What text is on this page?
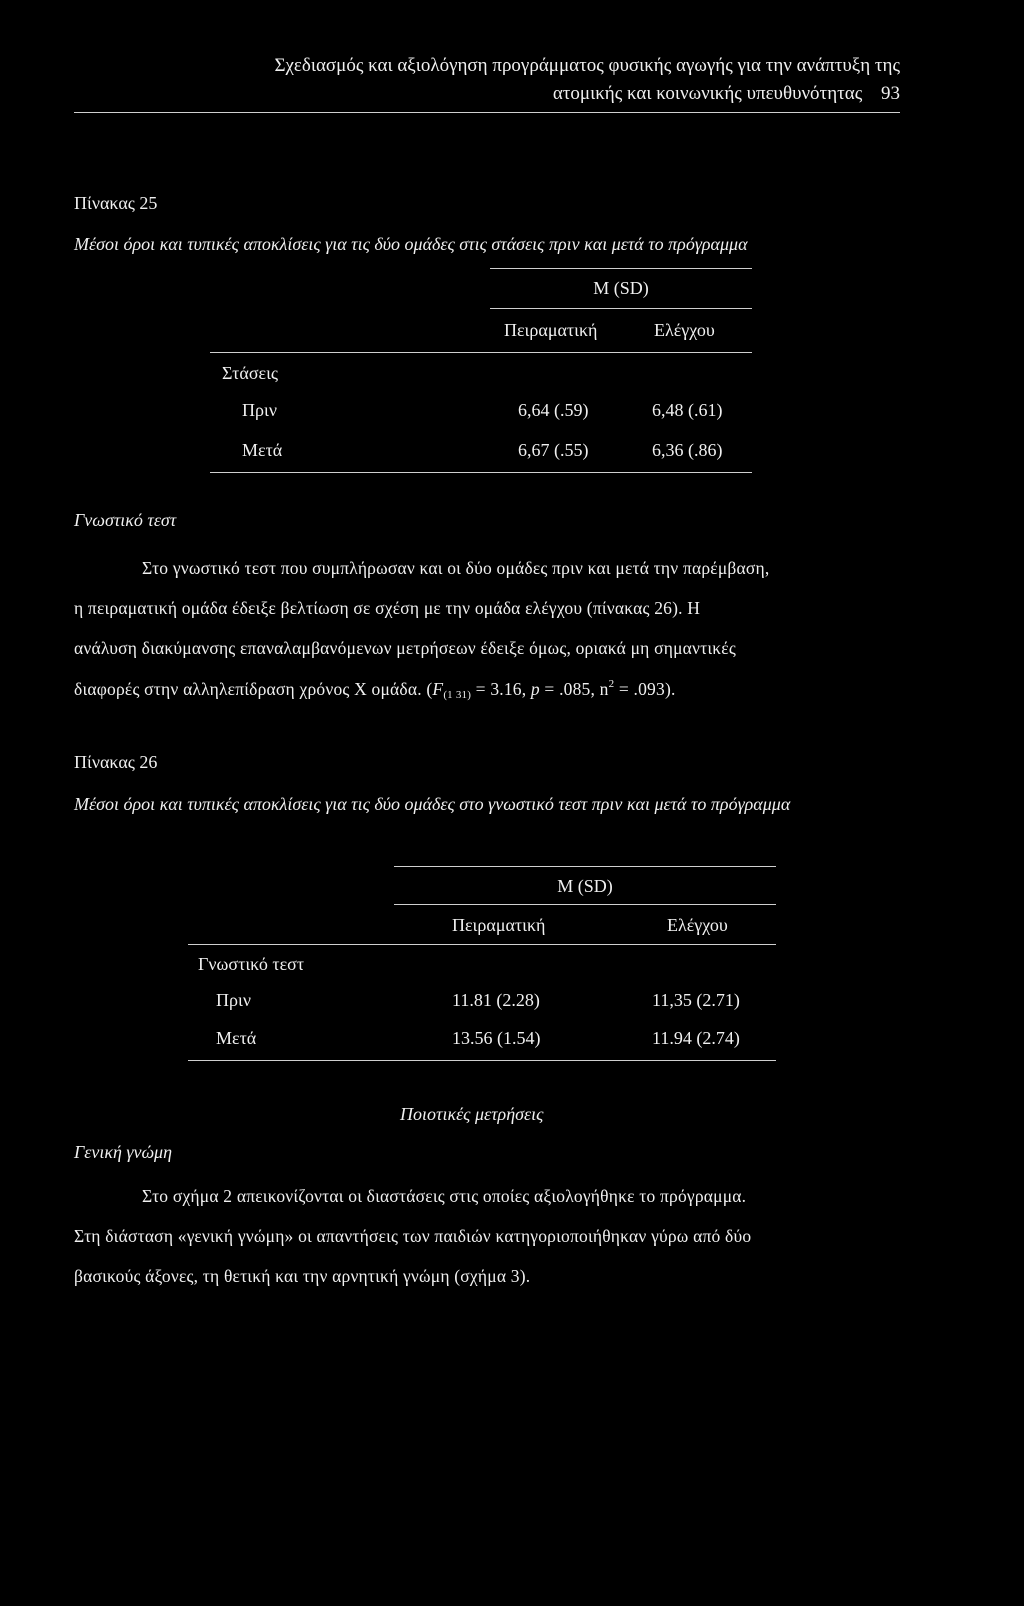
Σχεδιασμός και αξιολόγηση προγράμματος φυσικής αγωγής για την ανάπτυξη της
ατομικής και κοινωνικής υπευθυνότητας 93
Πίνακας 25
Μέσοι όροι και τυπικές αποκλίσεις για τις δύο ομάδες στις στάσεις πριν και μετά το πρόγραμμα
M (SD)
Πειραματική	Ελέγχου
Στάσεις
Πριν	6,64 (.59)	6,48 (.61)
Μετά	6,67 (.55)	6,36 (.86)
Γνωστικό τεστ
Στο γνωστικό τεστ που συμπλήρωσαν και οι δύο ομάδες πριν και μετά την παρέμβαση,
η πειραματική ομάδα έδειξε βελτίωση σε σχέση με την ομάδα ελέγχου (πίνακας 26). Η
ανάλυση διακύμανσης επαναλαμβανόμενων μετρήσεων έδειξε όμως, οριακά μη σημαντικές
διαφορές στην αλληλεπίδραση χρόνος Χ ομάδα. ($F_{(1 31)} = 3.16$, p = .085, $n^2 = .093$).
Πίνακας 26
Μέσοι όροι και τυπικές αποκλίσεις για τις δύο ομάδες στο γνωστικό τεστ πριν και μετά το πρόγραμμα
M (SD)
Πειραματική	Ελέγχου
Γνωστικό τεστ
Πριν	11.81 (2.28)	11,35 (2.71)
Μετά	13.56 (1.54)	11.94 (2.74)
Ποιοτικές μετρήσεις
Γενική γνώμη
Στο σχήμα 2 απεικονίζονται οι διαστάσεις στις οποίες αξιολογήθηκε το πρόγραμμα.
Στη διάσταση «γενική γνώμη» οι απαντήσεις των παιδιών κατηγοριοποιήθηκαν γύρω από δύο
βασικούς άξονες, τη θετική και την αρνητική γνώμη (σχήμα 3).
